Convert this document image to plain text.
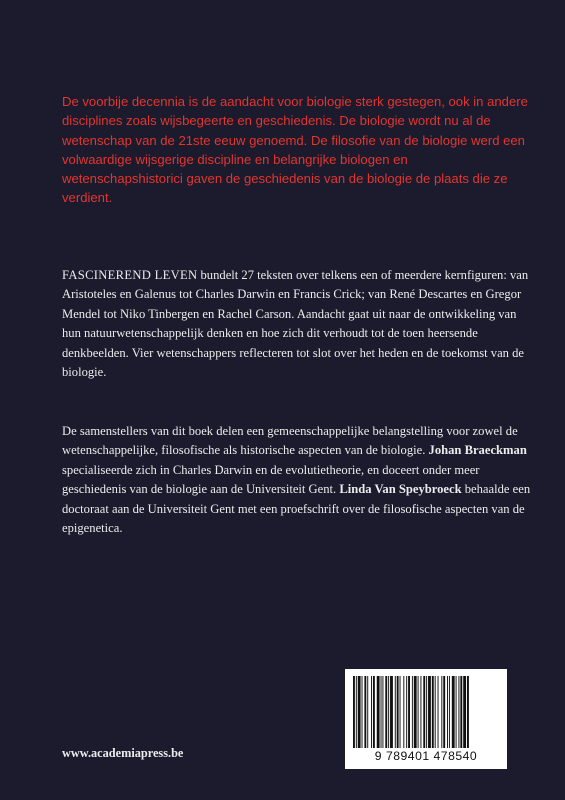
De voorbije decennia is de aandacht voor biologie sterk gestegen, ook in andere disciplines zoals wijsbegeerte en geschiedenis. De biologie wordt nu al de wetenschap van de 21ste eeuw genoemd. De filosofie van de biologie werd een volwaardige wijsgerige discipline en belangrijke biologen en wetenschapshistorici gaven de geschiedenis van de biologie de plaats die ze verdient.

FASCINEREND LEVEN bundelt 27 teksten over telkens een of meerdere kernfiguren: van Aristoteles en Galenus tot Charles Darwin en Francis Crick; van René Descartes en Gregor Mendel tot Niko Tinbergen en Rachel Carson. Aandacht gaat uit naar de ontwikkeling van hun natuurwetenschappelijk denken en hoe zich dit verhoudt tot de toen heersende denkbeelden. Vier wetenschappers reflecteren tot slot over het heden en de toekomst van de biologie.

De samenstellers van dit boek delen een gemeenschappelijke belangstelling voor zowel de wetenschappelijke, filosofische als historische aspecten van de biologie. Johan Braeckman specialiseerde zich in Charles Darwin en de evolutietheorie, en doceert onder meer geschiedenis van de biologie aan de Universiteit Gent. Linda Van Speybroeck behaalde een doctoraat aan de Universiteit Gent met een proefschrift over de filosofische aspecten van de epigenetica.

www.academiapress.be	9 789401 478540
